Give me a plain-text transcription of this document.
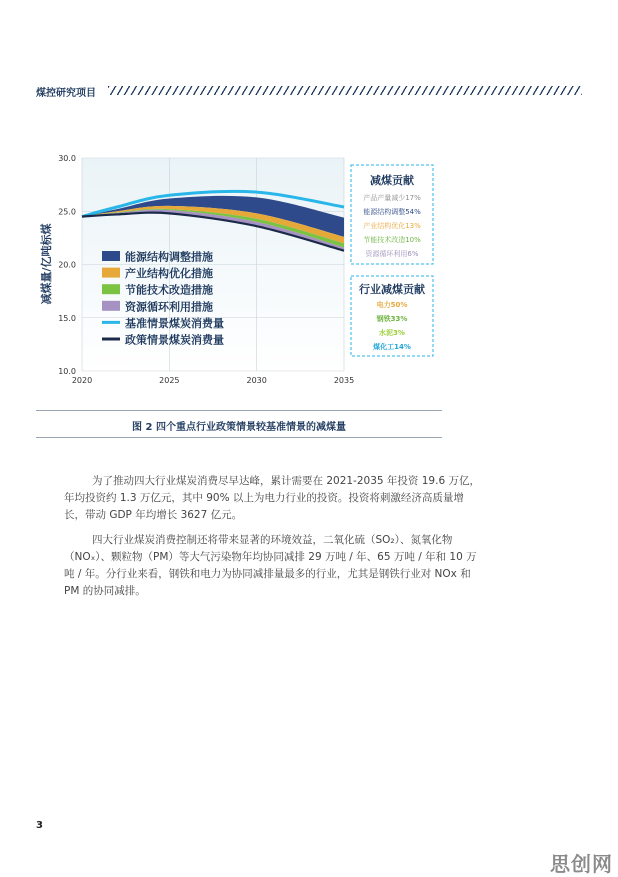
煤控研究项目
10.0
15.0
20.0
25.0
30.0
2020	2025	2030	2035
减煤量/亿吨标煤	能源结构调整措施
产业结构优化措施
节能技术改造措施
资源循环利用措施
基准情景煤炭消费量
政策情景煤炭消费量
减煤贡献
产品产量减少17%
能源结构调整54%
产业结构优化13%
节能技术改造10%
资源循环利用6%
行业减煤贡献
电力50%
钢铁33%
水泥3%
煤化工14%
图 2 四个重点行业政策情景较基准情景的减煤量

为了推动四大行业煤炭消费尽早达峰，累计需要在 2021-2035 年投资 19.6 万亿，年均投资约 1.3 万亿元，其中 90% 以上为电力行业的投资。投资将刺激经济高质量增长，带动 GDP 年均增长 3627 亿元。

四大行业煤炭消费控制还将带来显著的环境效益，二氧化硫（SO₂）、氮氧化物（NOₓ）、颗粒物（PM）等大气污染物年均协同减排 29 万吨 / 年、65 万吨 / 年和 10 万吨 / 年。分行业来看，钢铁和电力为协同减排量最多的行业，尤其是钢铁行业对 NOx 和 PM 的协同减排。

3
思创网
